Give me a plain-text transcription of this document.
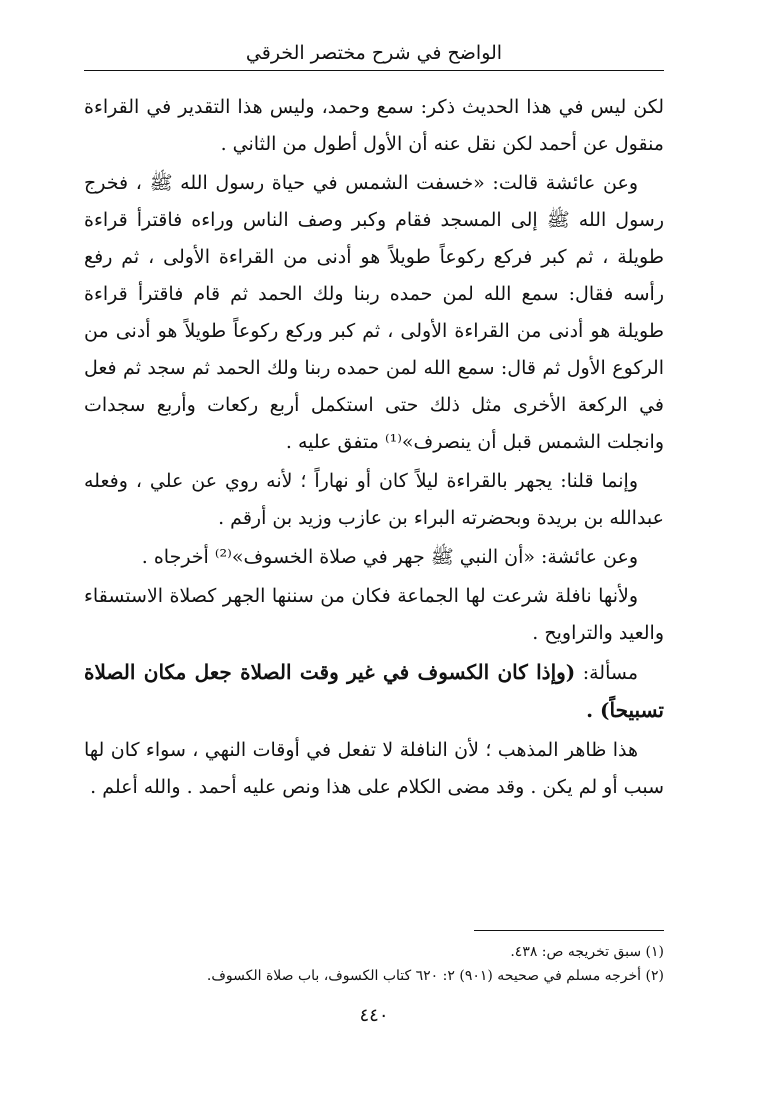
الواضح في شرح مختصر الخرقي

لكن ليس في هذا الحديث ذكر: سمع وحمد، وليس هذا التقدير في القراءة منقول عن أحمد لكن نقل عنه أن الأول أطول من الثاني .

وعن عائشة قالت: «خسفت الشمس في حياة رسول الله ﷺ ، فخرج رسول الله ﷺ إلى المسجد فقام وكبر وصف الناس وراءه فاقترأ قراءة طويلة ، ثم كبر فركع ركوعاً طويلاً هو أدنى من القراءة الأولى ، ثم رفع رأسه فقال: سمع الله لمن حمده ربنا ولك الحمد ثم قام فاقترأ قراءة طويلة هو أدنى من القراءة الأولى ، ثم كبر وركع ركوعاً طويلاً هو أدنى من الركوع الأول ثم قال: سمع الله لمن حمده ربنا ولك الحمد ثم سجد ثم فعل في الركعة الأخرى مثل ذلك حتى استكمل أربع ركعات وأربع سجدات وانجلت الشمس قبل أن ينصرف»⁽¹⁾ متفق عليه .

وإنما قلنا: يجهر بالقراءة ليلاً كان أو نهاراً ؛ لأنه روي عن علي ، وفعله عبدالله بن بريدة وبحضرته البراء بن عازب وزيد بن أرقم .

وعن عائشة: «أن النبي ﷺ جهر في صلاة الخسوف»⁽²⁾ أخرجاه .

ولأنها نافلة شرعت لها الجماعة فكان من سننها الجهر كصلاة الاستسقاء والعيد والتراويح .

مسألة: (وإذا كان الكسوف في غير وقت الصلاة جعل مكان الصلاة تسبيحاً) .

هذا ظاهر المذهب ؛ لأن النافلة لا تفعل في أوقات النهي ، سواء كان لها سبب أو لم يكن . وقد مضى الكلام على هذا ونص عليه أحمد . والله أعلم .

(١) سبق تخريجه ص: ٤٣٨.
(٢) أخرجه مسلم في صحيحه (٩٠١) ٢: ٦٢٠ كتاب الكسوف، باب صلاة الكسوف.
٤٤٠
